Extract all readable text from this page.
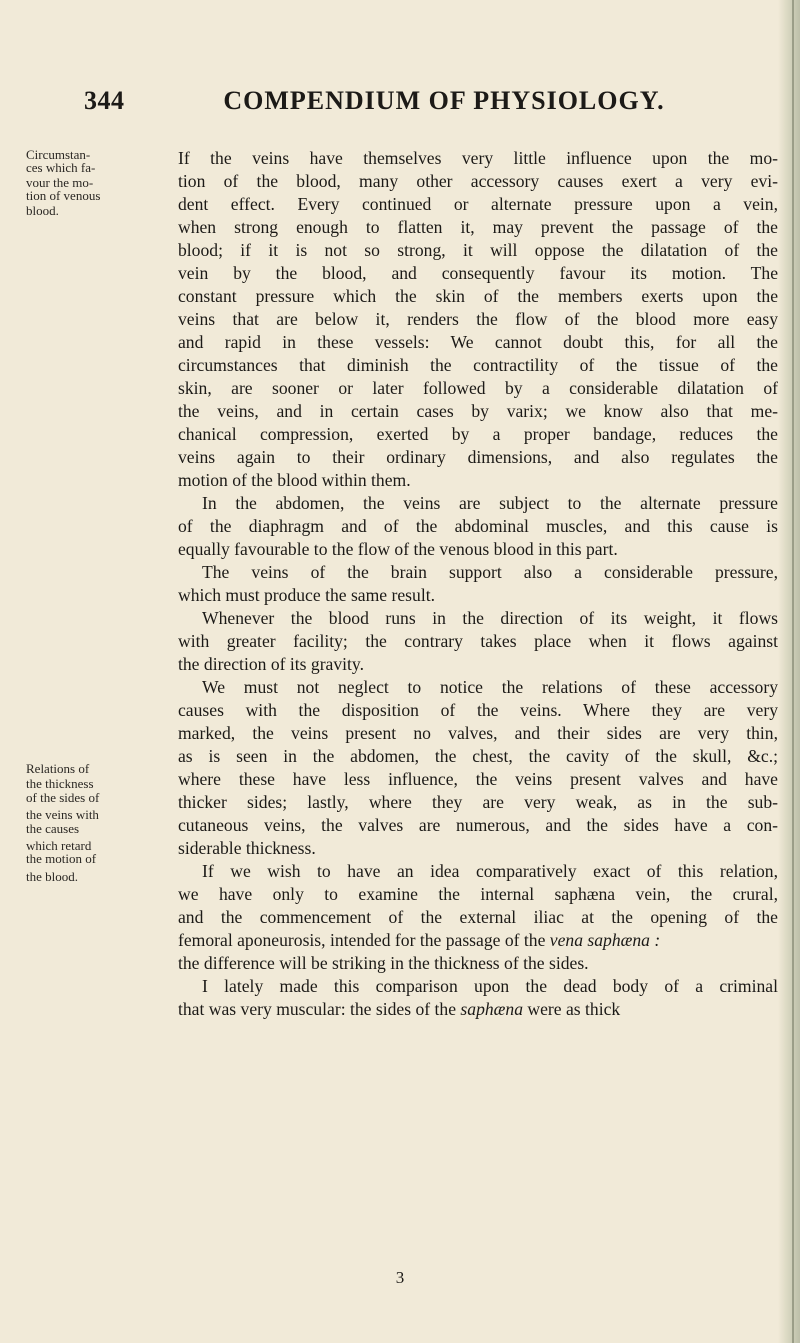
344	COMPENDIUM OF PHYSIOLOGY.
Circumstan-
ces which fa-
vour the mo-
tion of venous
blood.
Relations of
the thickness
of the sides of
the veins with
the causes
which retard
the motion of
the blood.
If the veins have themselves very little influence upon the mo-
tion of the blood, many other accessory causes exert a very evi-
dent effect. Every continued or alternate pressure upon a vein,
when strong enough to flatten it, may prevent the passage of the
blood; if it is not so strong, it will oppose the dilatation of the
vein by the blood, and consequently favour its motion. The
constant pressure which the skin of the members exerts upon the
veins that are below it, renders the flow of the blood more easy
and rapid in these vessels: We cannot doubt this, for all the
circumstances that diminish the contractility of the tissue of the
skin, are sooner or later followed by a considerable dilatation of
the veins, and in certain cases by varix; we know also that me-
chanical compression, exerted by a proper bandage, reduces the
veins again to their ordinary dimensions, and also regulates the
motion of the blood within them.
In the abdomen, the veins are subject to the alternate pressure
of the diaphragm and of the abdominal muscles, and this cause is
equally favourable to the flow of the venous blood in this part.
The veins of the brain support also a considerable pressure,
which must produce the same result.
Whenever the blood runs in the direction of its weight, it flows
with greater facility; the contrary takes place when it flows against
the direction of its gravity.
We must not neglect to notice the relations of these accessory
causes with the disposition of the veins. Where they are very
marked, the veins present no valves, and their sides are very thin,
as is seen in the abdomen, the chest, the cavity of the skull, &c.;
where these have less influence, the veins present valves and have
thicker sides; lastly, where they are very weak, as in the sub-
cutaneous veins, the valves are numerous, and the sides have a con-
siderable thickness.
If we wish to have an idea comparatively exact of this relation,
we have only to examine the internal saphæna vein, the crural,
and the commencement of the external iliac at the opening of the
femoral aponeurosis, intended for the passage of the vena saphæna :
the difference will be striking in the thickness of the sides.
I lately made this comparison upon the dead body of a criminal
that was very muscular: the sides of the saphæna were as thick
3
